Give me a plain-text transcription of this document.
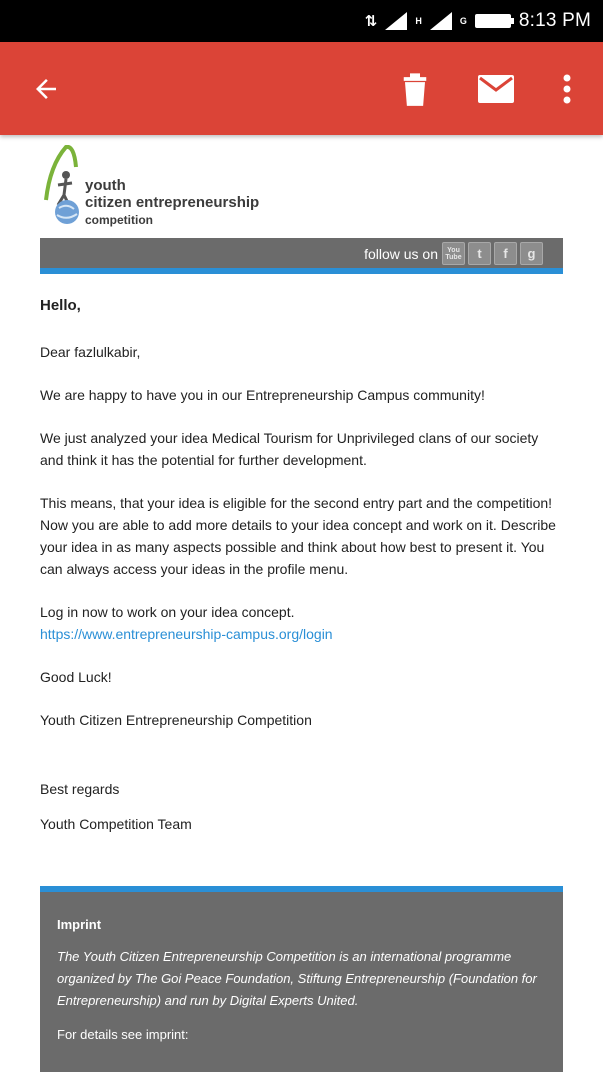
⇅	H	G	8:13 PM
youth
citizen entrepreneurship
competition
follow us on You
Tube	t	f	g

Hello,

Dear fazlulkabir,

We are happy to have you in our Entrepreneurship Campus community!

We just analyzed your idea Medical Tourism for Unprivileged clans of our society and think it has the potential for further development.

This means, that your idea is eligible for the second entry part and the competition! Now you are able to add more details to your idea concept and work on it. Describe your idea in as many aspects possible and think about how best to present it. You can always access your ideas in the profile menu.

Log in now to work on your idea concept.
https://www.entrepreneurship-campus.org/login

Good Luck!

Youth Citizen Entrepreneurship Competition

Best regards

Youth Competition Team

Imprint
The Youth Citizen Entrepreneurship Competition is an international programme organized by The Goi Peace Foundation, Stiftung Entrepreneurship (Foundation for Entrepreneurship) and run by Digital Experts United.
For details see imprint:
